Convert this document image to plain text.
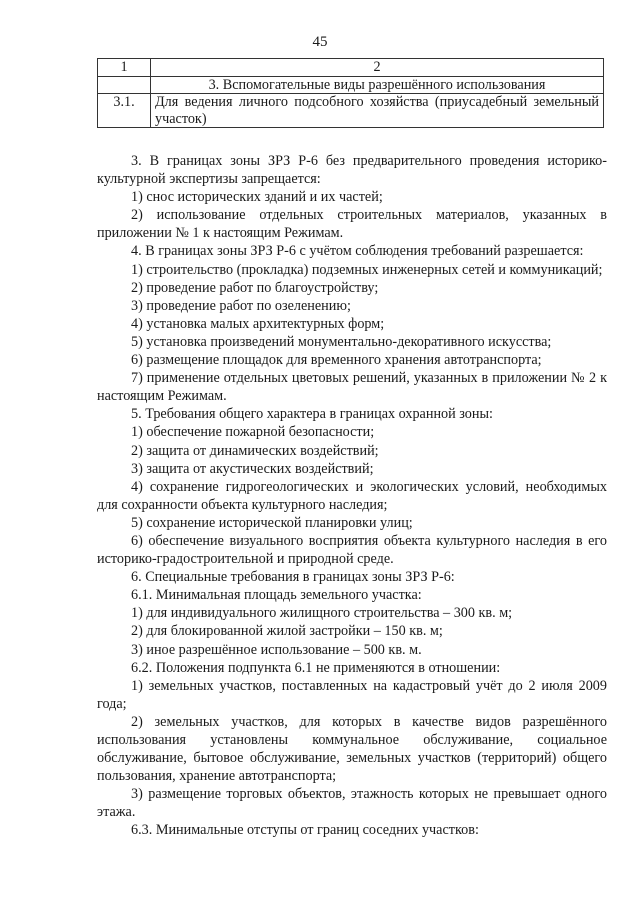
45
1	2
	3. Вспомогательные виды разрешённого использования
3.1.	Для ведения личного подсобного хозяйства (приусадебный земельный участок)

3. В границах зоны ЗРЗ Р-6 без предварительного проведения историко-культурной экспертизы запрещается:

1) снос исторических зданий и их частей;

2) использование отдельных строительных материалов, указанных в приложении № 1 к настоящим Режимам.

4. В границах зоны ЗРЗ Р-6 с учётом соблюдения требований разрешается:

1) строительство (прокладка) подземных инженерных сетей и коммуникаций;

2) проведение работ по благоустройству;

3) проведение работ по озеленению;

4) установка малых архитектурных форм;

5) установка произведений монументально-декоративного искусства;

6) размещение площадок для временного хранения автотранспорта;

7) применение отдельных цветовых решений, указанных в приложении № 2 к настоящим Режимам.

5. Требования общего характера в границах охранной зоны:

1) обеспечение пожарной безопасности;

2) защита от динамических воздействий;

3) защита от акустических воздействий;

4) сохранение гидрогеологических и экологических условий, необходимых для сохранности объекта культурного наследия;

5) сохранение исторической планировки улиц;

6) обеспечение визуального восприятия объекта культурного наследия в его историко-градостроительной и природной среде.

6. Специальные требования в границах зоны ЗРЗ Р-6:

6.1. Минимальная площадь земельного участка:

1) для индивидуального жилищного строительства – 300 кв. м;

2) для блокированной жилой застройки – 150 кв. м;

3) иное разрешённое использование – 500 кв. м.

6.2. Положения подпункта 6.1 не применяются в отношении:

1) земельных участков, поставленных на кадастровый учёт до 2 июля 2009 года;

2) земельных участков, для которых в качестве видов разрешённого использования установлены коммунальное обслуживание, социальное обслуживание, бытовое обслуживание, земельных участков (территорий) общего пользования, хранение автотранспорта;

3) размещение торговых объектов, этажность которых не превышает одного этажа.

6.3. Минимальные отступы от границ соседних участков:
